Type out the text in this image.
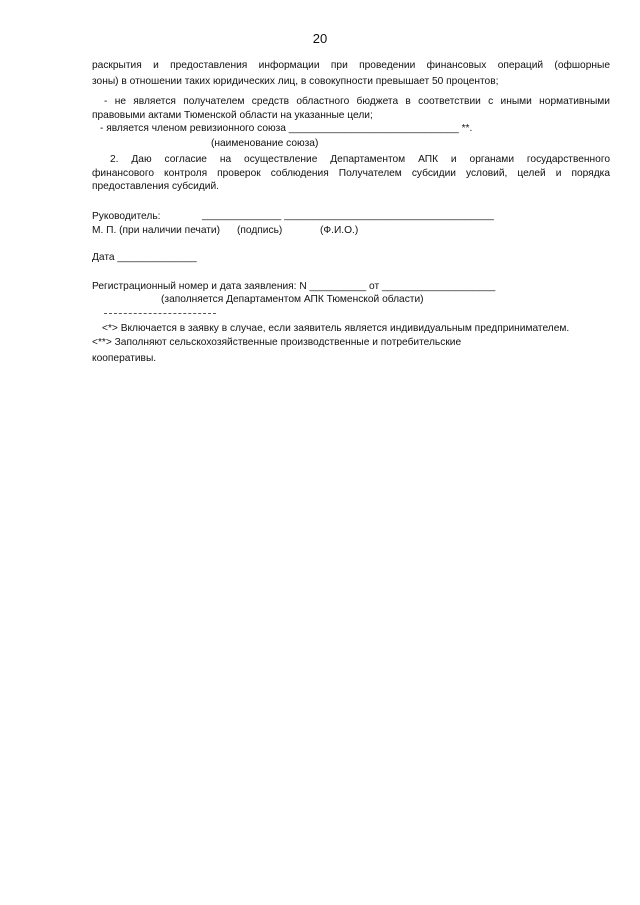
20
раскрытия и предоставления информации при проведении финансовых операций (офшорные
зоны) в отношении таких юридических лиц, в совокупности превышает 50 процентов;
- не является получателем средств областного бюджета в соответствии с иными нормативными
правовыми актами Тюменской области на указанные цели;
- является членом ревизионного союза ______________________________ **.
(наименование союза)
2. Даю согласие на осуществление Департаментом АПК и органами государственного
финансового контроля проверок соблюдения Получателем субсидии условий, целей и порядка
предоставления субсидий.
Руководитель:	______________ _____________________________________
М. П. (при наличии печати) (подпись)	(Ф.И.О.)
Дата ______________
Регистрационный номер и дата заявления: N __________ от ____________________
(заполняется Департаментом АПК Тюменской области)
<*> Включается в заявку в случае, если заявитель является индивидуальным предпринимателем.
<**> Заполняют сельскохозяйственные производственные и потребительские
кооперативы.
